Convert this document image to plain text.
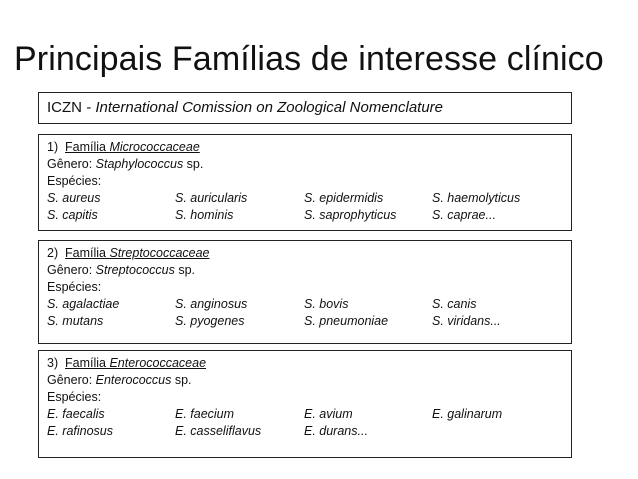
Principais Famílias de interesse clínico
ICZN - International Comission on Zoological Nomenclature
1) Família Micrococcaceae
Gênero: Staphylococcus sp.
Espécies:
S. aureus	S. auricularis	S. epidermidis	S. haemolyticus
S. capitis	S. hominis	S. saprophyticus	S. caprae...
2) Família Streptococcaceae
Gênero: Streptococcus sp.
Espécies:
S. agalactiae	S. anginosus	S. bovis	S. canis
S. mutans	S. pyogenes	S. pneumoniae	S. viridans...
3) Família Enterococcaceae
Gênero: Enterococcus sp.
Espécies:
E. faecalis	E. faecium	E. avium	E. galinarum
E. rafinosus	E. casseliflavus	E. durans...
